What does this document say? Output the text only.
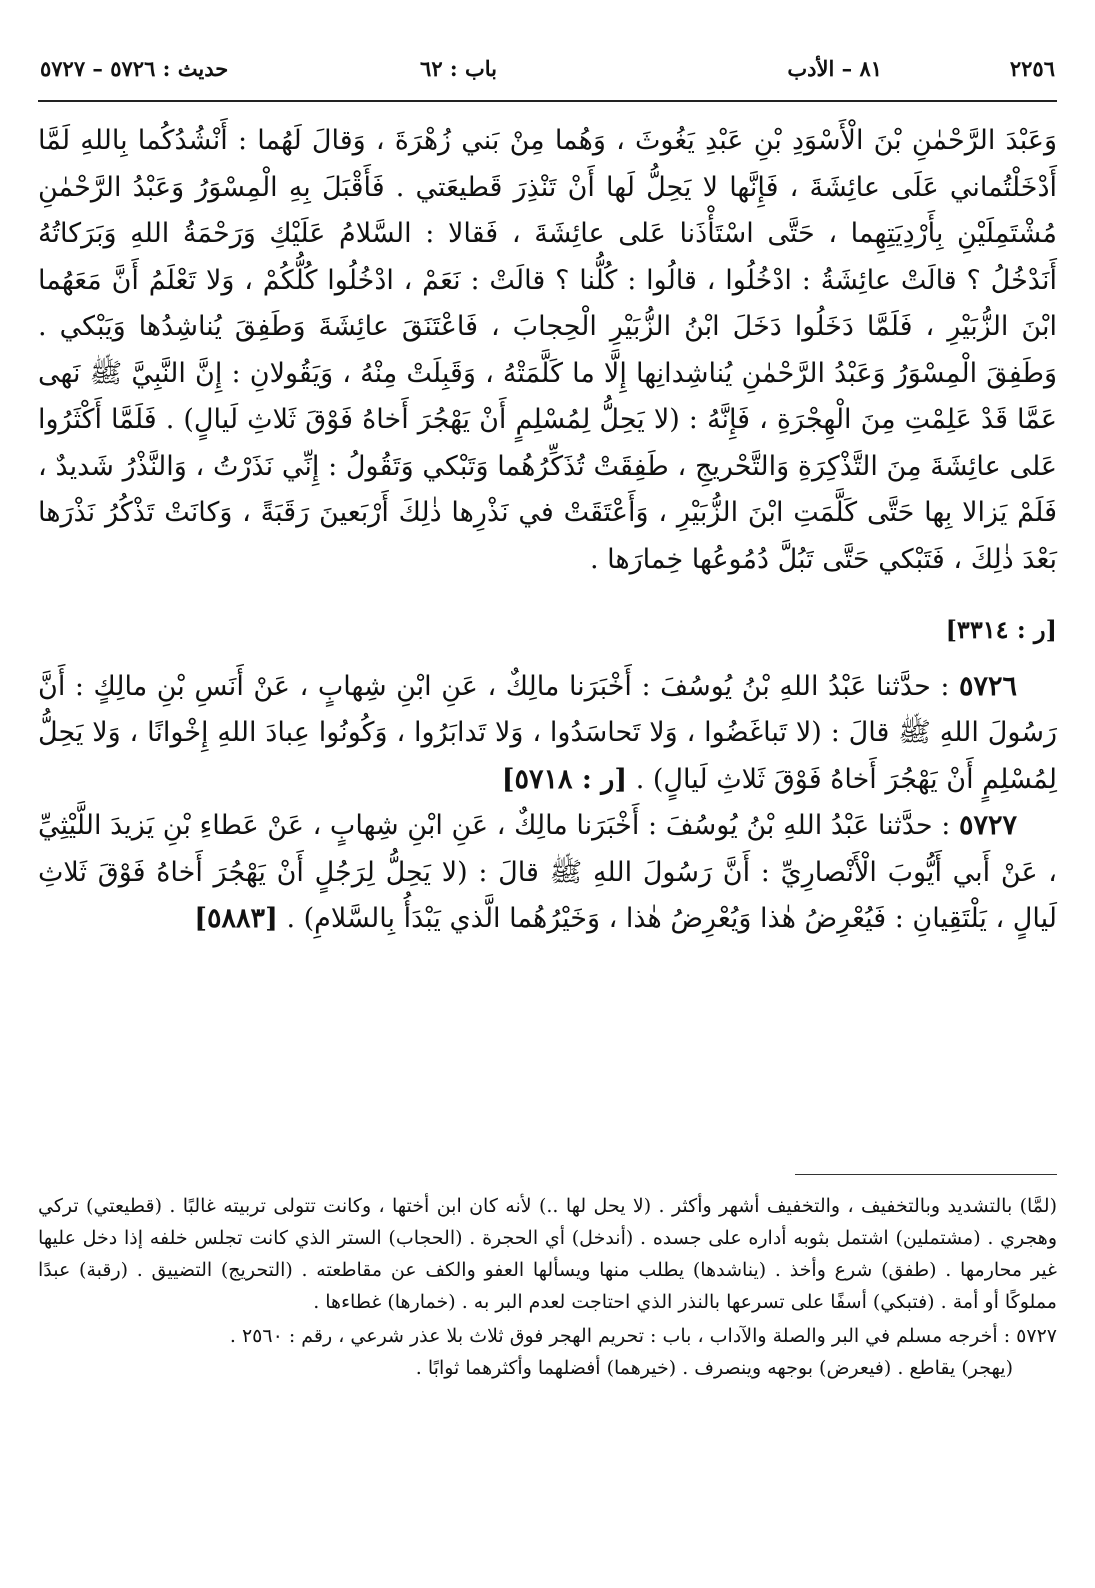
٢٢٥٦
٨١ – الأدب
باب : ٦٢
حديث : ٥٧٢٦ – ٥٧٢٧

وَعَبْدَ الرَّحْمٰنِ بْنَ الْأَسْوَدِ بْنِ عَبْدِ يَغُوثَ ، وَهُما مِنْ بَني زُهْرَةَ ، وَقالَ لَهُما : أَنْشُدُكُما بِاللهِ لَمَّا أَدْخَلْتُماني عَلَى عائِشَةَ ، فَإِنَّها لا يَحِلُّ لَها أَنْ تَنْذِرَ قَطيعَتي . فَأَقْبَلَ بِهِ الْمِسْوَرُ وَعَبْدُ الرَّحْمٰنِ مُشْتَمِلَيْنِ بِأَرْدِيَتِهِما ، حَتَّى اسْتَأْذَنا عَلى عائِشَةَ ، فَقالا : السَّلامُ عَلَيْكِ وَرَحْمَةُ اللهِ وَبَرَكاتُهُ أَنَدْخُلُ ؟ قالَتْ عائِشَةُ : ادْخُلُوا ، قالُوا : كُلُّنا ؟ قالَتْ : نَعَمْ ، ادْخُلُوا كُلُّكُمْ ، وَلا تَعْلَمُ أَنَّ مَعَهُما ابْنَ الزُّبَيْرِ ، فَلَمَّا دَخَلُوا دَخَلَ ابْنُ الزُّبَيْرِ الْحِجابَ ، فَاعْتَنَقَ عائِشَةَ وَطَفِقَ يُناشِدُها وَيَبْكي . وَطَفِقَ الْمِسْوَرُ وَعَبْدُ الرَّحْمٰنِ يُناشِدانِها إِلَّا ما كَلَّمَتْهُ ، وَقَبِلَتْ مِنْهُ ، وَيَقُولانِ : إِنَّ النَّبِيَّ ﷺ نَهى عَمَّا قَدْ عَلِمْتِ مِنَ الْهِجْرَةِ ، فَإِنَّهُ : (لا يَحِلُّ لِمُسْلِمٍ أَنْ يَهْجُرَ أَخاهُ فَوْقَ ثَلاثِ لَيالٍ) . فَلَمَّا أَكْثَرُوا عَلى عائِشَةَ مِنَ التَّذْكِرَةِ وَالتَّحْريجِ ، طَفِقَتْ تُذَكِّرُهُما وَتَبْكي وَتَقُولُ : إِنِّي نَذَرْتُ ، وَالنَّذْرُ شَديدٌ ، فَلَمْ يَزالا بِها حَتَّى كَلَّمَتِ ابْنَ الزُّبَيْرِ ، وَأَعْتَقَتْ في نَذْرِها ذٰلِكَ أَرْبَعينَ رَقَبَةً ، وَكانَتْ تَذْكُرُ نَذْرَها بَعْدَ ذٰلِكَ ، فَتَبْكي حَتَّى تَبُلَّ دُمُوعُها خِمارَها .

[ر : ٣٣١٤]

٥٧٢٦ : حدَّثنا عَبْدُ اللهِ بْنُ يُوسُفَ : أَخْبَرَنا مالِكٌ ، عَنِ ابْنِ شِهابٍ ، عَنْ أَنَسِ بْنِ مالِكٍ : أَنَّ رَسُولَ اللهِ ﷺ قالَ : (لا تَباغَضُوا ، وَلا تَحاسَدُوا ، وَلا تَدابَرُوا ، وَكُونُوا عِبادَ اللهِ إِخْوانًا ، وَلا يَحِلُّ لِمُسْلِمٍ أَنْ يَهْجُرَ أَخاهُ فَوْقَ ثَلاثِ لَيالٍ) . [ر : ٥٧١٨]

٥٧٢٧ : حدَّثنا عَبْدُ اللهِ بْنُ يُوسُفَ : أَخْبَرَنا مالِكٌ ، عَنِ ابْنِ شِهابٍ ، عَنْ عَطاءِ بْنِ يَزيدَ اللَّيْثِيِّ ، عَنْ أَبي أَيُّوبَ الْأَنْصارِيِّ : أَنَّ رَسُولَ اللهِ ﷺ قالَ : (لا يَحِلُّ لِرَجُلٍ أَنْ يَهْجُرَ أَخاهُ فَوْقَ ثَلاثِ لَيالٍ ، يَلْتَقِيانِ : فَيُعْرِضُ هٰذا وَيُعْرِضُ هٰذا ، وَخَيْرُهُما الَّذي يَبْدَأُ بِالسَّلامِ) . [٥٨٨٣]

(لمَّا) بالتشديد وبالتخفيف ، والتخفيف أشهر وأكثر . (لا يحل لها ..) لأنه كان ابن أختها ، وكانت تتولى تربيته غالبًا . (قطيعتي) تركي وهجري . (مشتملين) اشتمل بثوبه أداره على جسده . (أندخل) أي الحجرة . (الحجاب) الستر الذي كانت تجلس خلفه إذا دخل عليها غير محارمها . (طفق) شرع وأخذ . (يناشدها) يطلب منها ويسألها العفو والكف عن مقاطعته . (التحريج) التضييق . (رقبة) عبدًا مملوكًا أو أمة . (فتبكي) أسفًا على تسرعها بالنذر الذي احتاجت لعدم البر به . (خمارها) غطاءها .

٥٧٢٧ : أخرجه مسلم في البر والصلة والآداب ، باب : تحريم الهجر فوق ثلاث بلا عذر شرعي ، رقم : ٢٥٦٠ .

(يهجر) يقاطع . (فيعرض) بوجهه وينصرف . (خيرهما) أفضلهما وأكثرهما ثوابًا .
